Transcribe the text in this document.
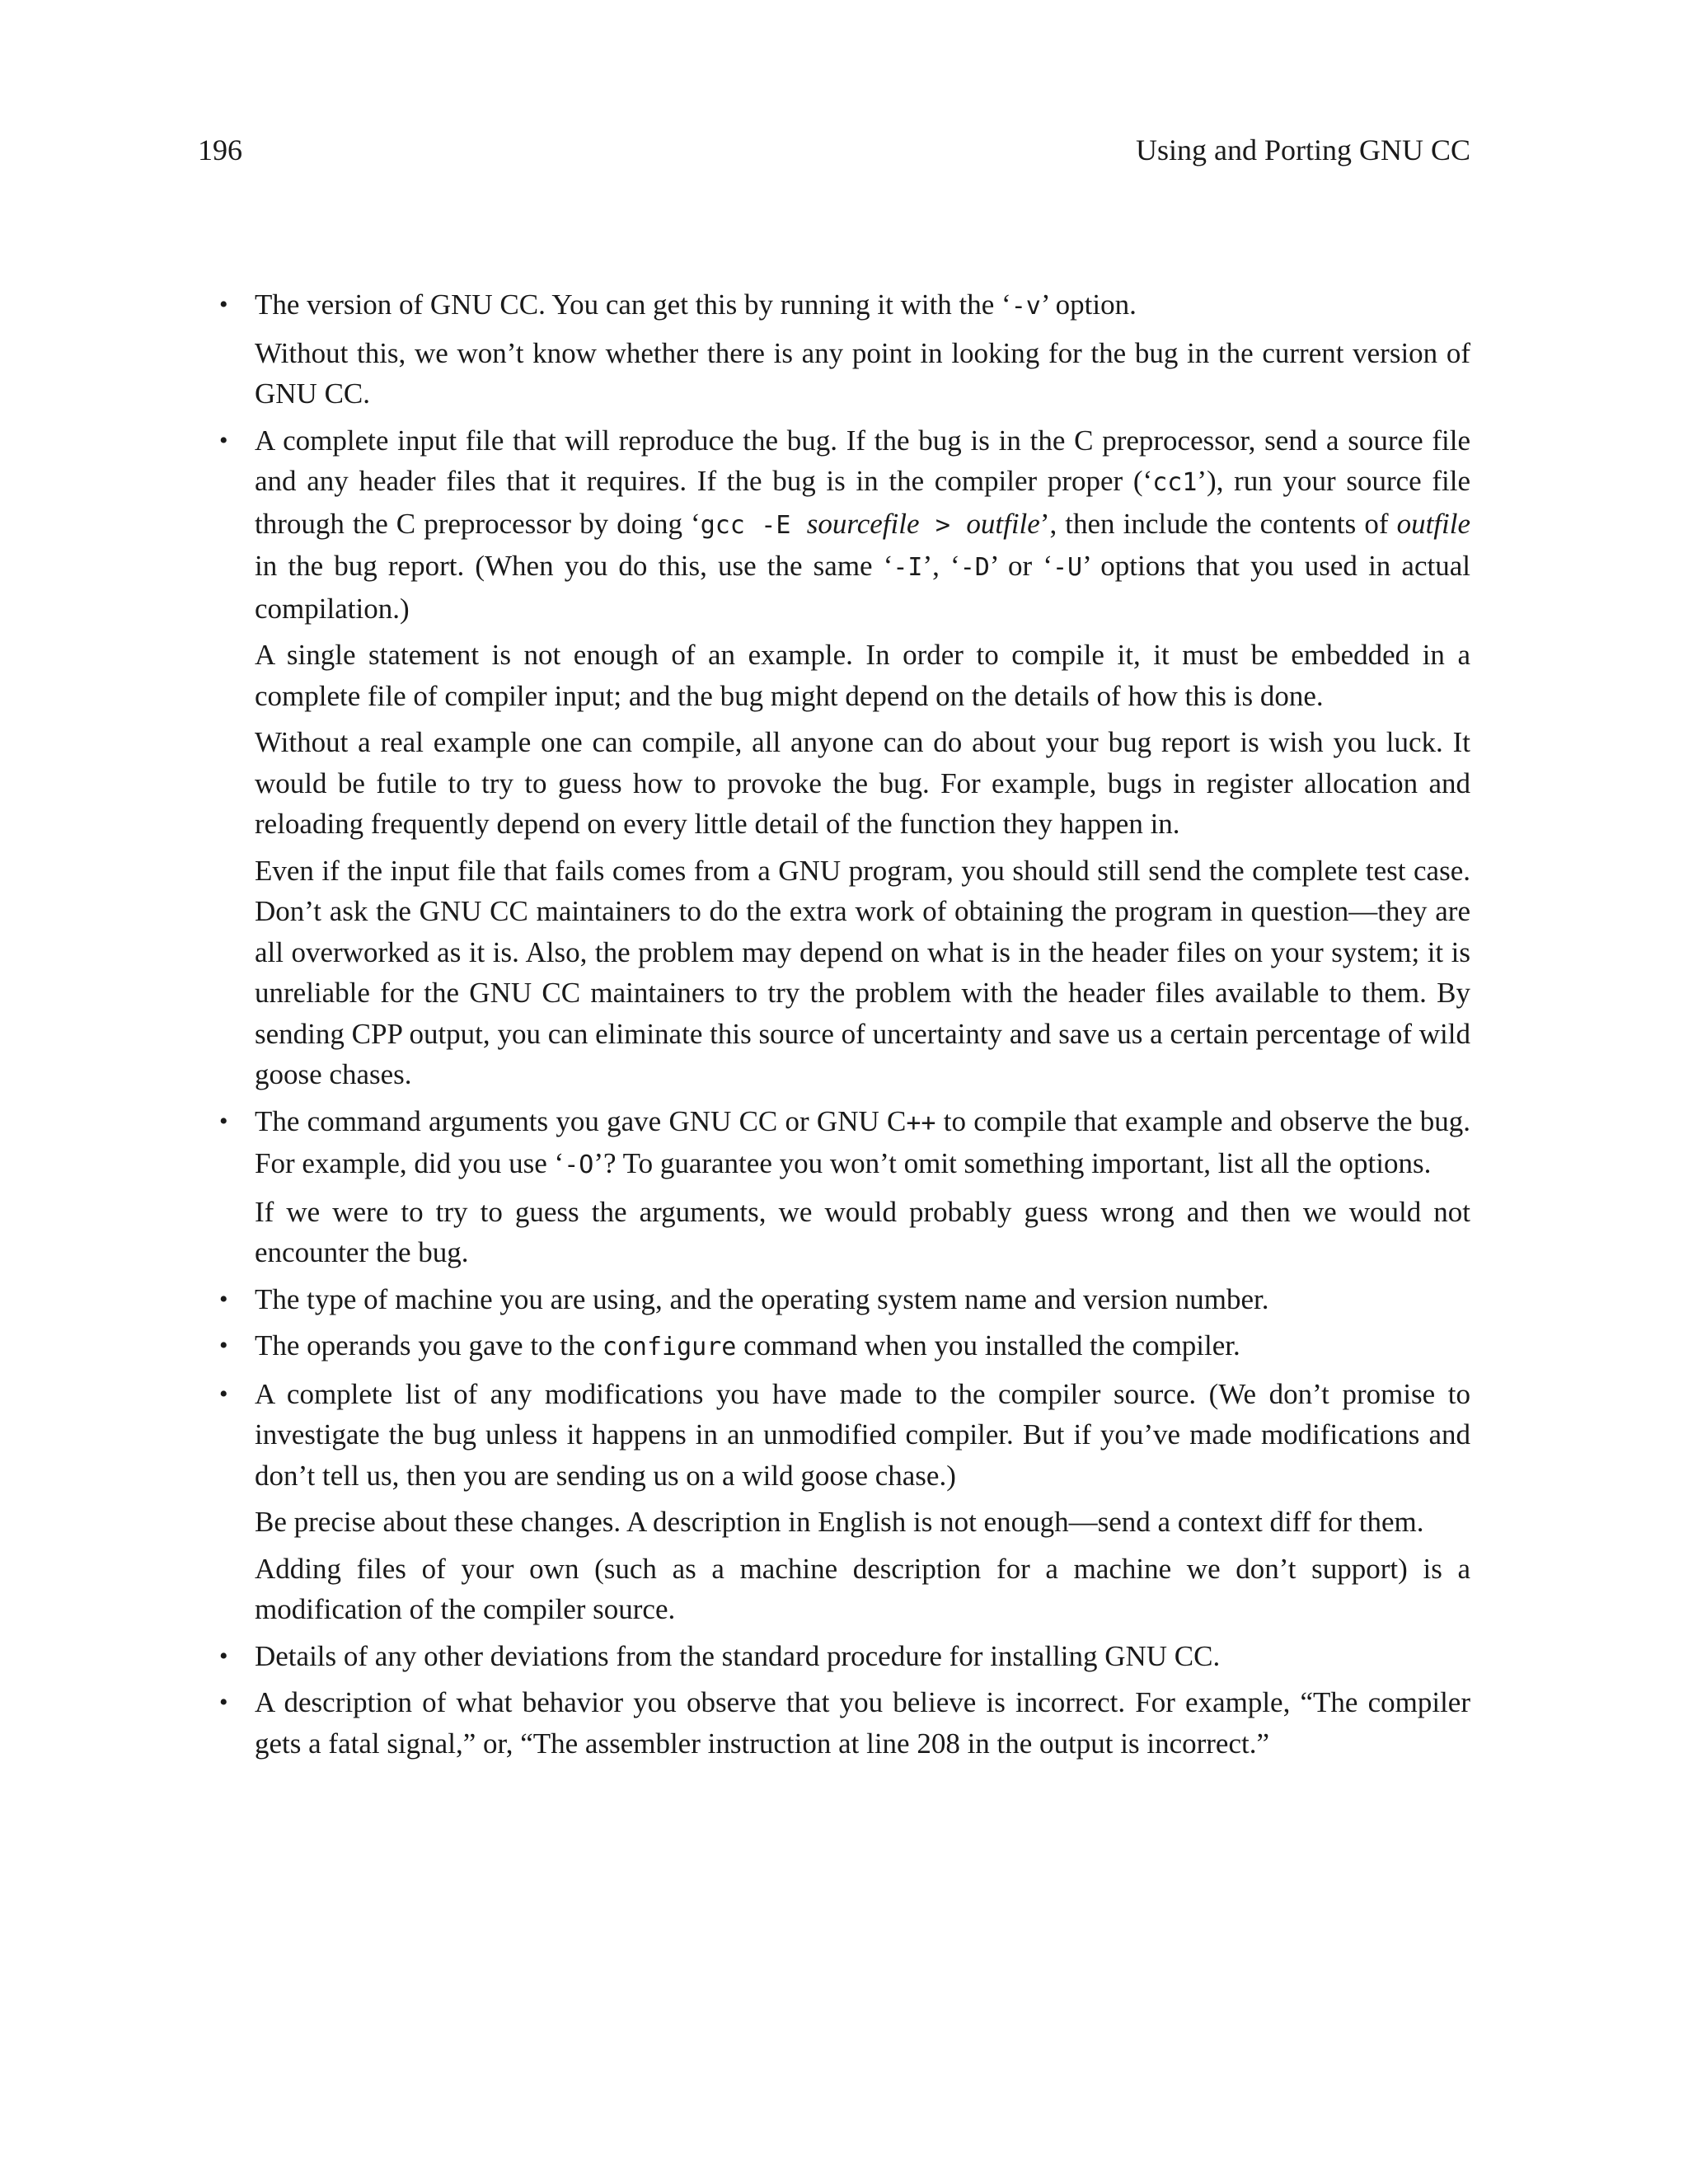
196	Using and Porting GNU CC
• The version of GNU CC. You can get this by running it with the ‘-v’ option.

Without this, we won’t know whether there is any point in looking for the bug in the current version of GNU CC.

• A complete input file that will reproduce the bug. If the bug is in the C preprocessor, send a source file and any header files that it requires. If the bug is in the compiler proper (‘cc1’), run your source file through the C preprocessor by doing ‘gcc -E sourcefile > outfile’, then include the contents of outfile in the bug report. (When you do this, use the same ‘-I’, ‘-D’ or ‘-U’ options that you used in actual compilation.)

A single statement is not enough of an example. In order to compile it, it must be embedded in a complete file of compiler input; and the bug might depend on the details of how this is done.

Without a real example one can compile, all anyone can do about your bug report is wish you luck. It would be futile to try to guess how to provoke the bug. For example, bugs in register allocation and reloading frequently depend on every little detail of the function they happen in.

Even if the input file that fails comes from a GNU program, you should still send the complete test case. Don’t ask the GNU CC maintainers to do the extra work of obtaining the program in question—they are all overworked as it is. Also, the problem may depend on what is in the header files on your system; it is unreliable for the GNU CC maintainers to try the problem with the header files available to them. By sending CPP output, you can eliminate this source of uncertainty and save us a certain percentage of wild goose chases.

• The command arguments you gave GNU CC or GNU C++ to compile that example and observe the bug. For example, did you use ‘-O’? To guarantee you won’t omit something important, list all the options.

If we were to try to guess the arguments, we would probably guess wrong and then we would not encounter the bug.

• The type of machine you are using, and the operating system name and version number.

• The operands you gave to the configure command when you installed the compiler.

• A complete list of any modifications you have made to the compiler source. (We don’t promise to investigate the bug unless it happens in an unmodified compiler. But if you’ve made modifications and don’t tell us, then you are sending us on a wild goose chase.)

Be precise about these changes. A description in English is not enough—send a context diff for them.

Adding files of your own (such as a machine description for a machine we don’t support) is a modification of the compiler source.

• Details of any other deviations from the standard procedure for installing GNU CC.

• A description of what behavior you observe that you believe is incorrect. For example, “The compiler gets a fatal signal,” or, “The assembler instruction at line 208 in the output is incorrect.”
